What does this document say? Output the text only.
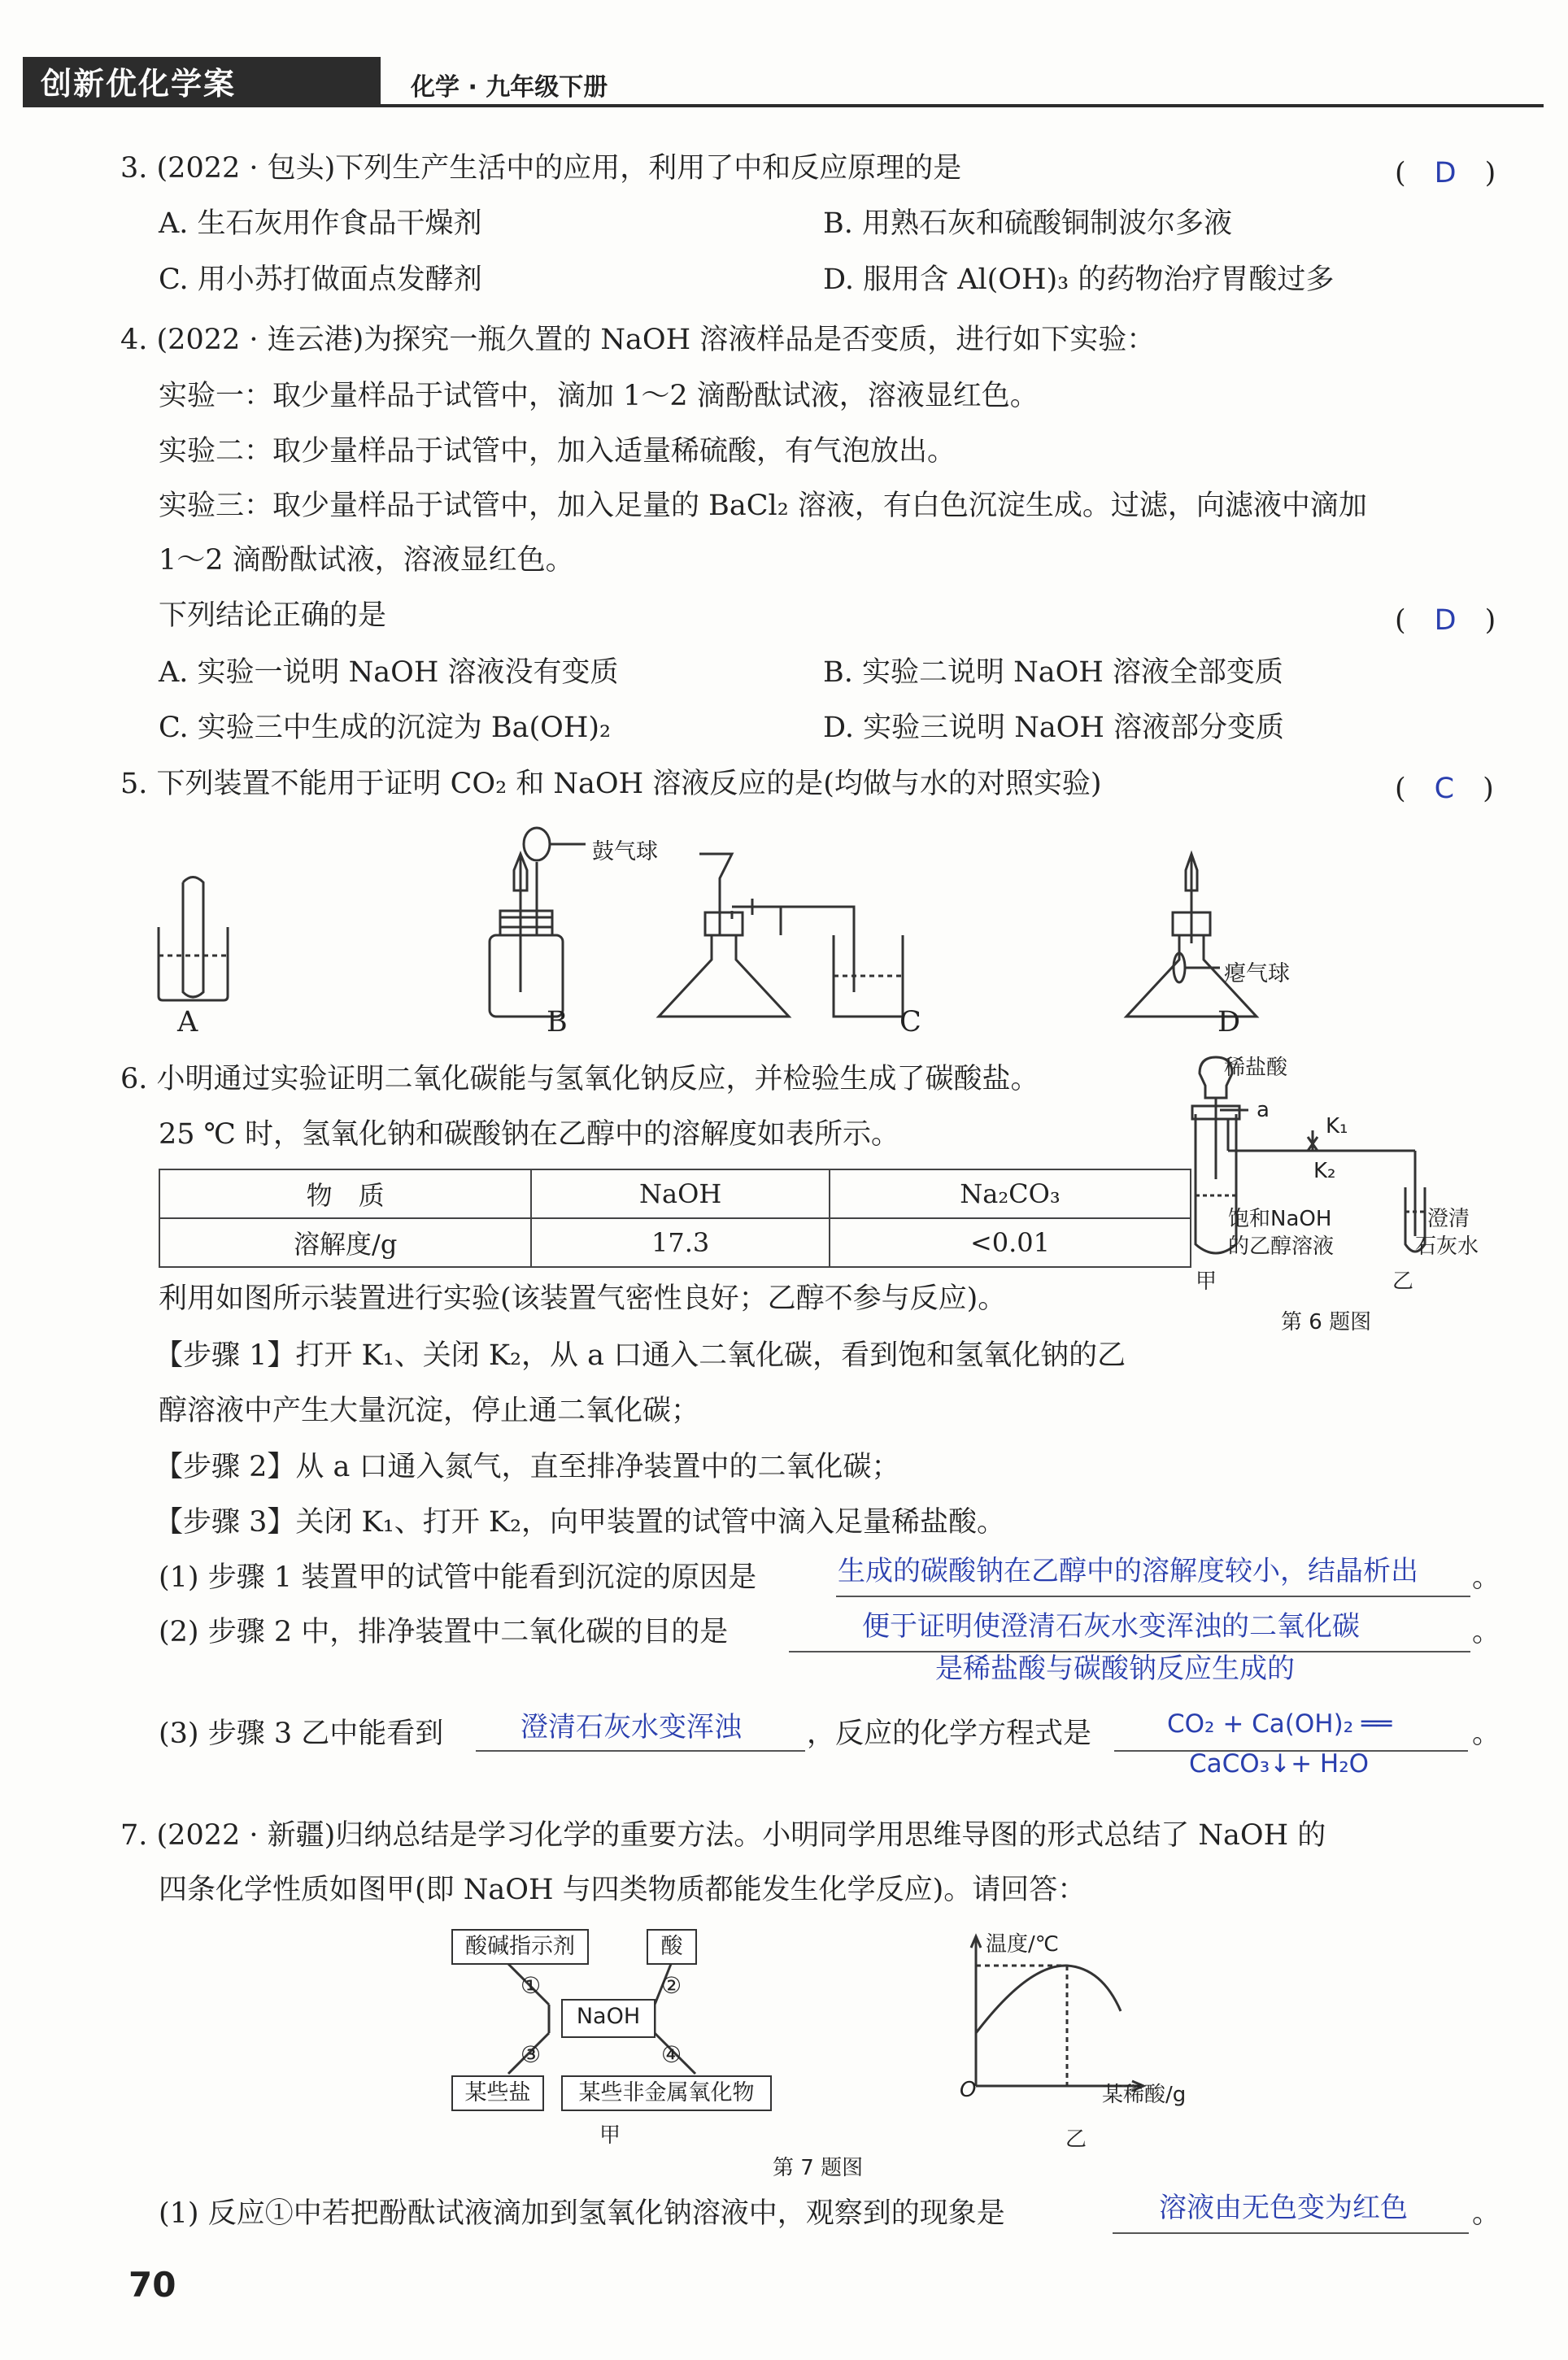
创新优化学案	化学 · 九年级下册
3. (2022 · 包头)下列生产生活中的应用，利用了中和反应原理的是	(　D　)
A. 生石灰用作食品干燥剂	B. 用熟石灰和硫酸铜制波尔多液
C. 用小苏打做面点发酵剂	D. 服用含 Al(OH)₃ 的药物治疗胃酸过多
4. (2022 · 连云港)为探究一瓶久置的 NaOH 溶液样品是否变质，进行如下实验：
实验一：取少量样品于试管中，滴加 1～2 滴酚酞试液，溶液显红色。
实验二：取少量样品于试管中，加入适量稀硫酸，有气泡放出。
实验三：取少量样品于试管中，加入足量的 BaCl₂ 溶液，有白色沉淀生成。过滤，向滤液中滴加
1～2 滴酚酞试液，溶液显红色。
下列结论正确的是	(　D　)
A. 实验一说明 NaOH 溶液没有变质	B. 实验二说明 NaOH 溶液全部变质
C. 实验三中生成的沉淀为 Ba(OH)₂	D. 实验三说明 NaOH 溶液部分变质
5. 下列装置不能用于证明 CO₂ 和 NaOH 溶液反应的是(均做与水的对照实验)	(　C　)
鼓气球
瘪气球
A	B	C	D
6. 小明通过实验证明二氧化碳能与氢氧化钠反应，并检验生成了碳酸盐。
25 ℃ 时，氢氧化钠和碳酸钠在乙醇中的溶解度如表所示。
物　质	NaOH	Na₂CO₃
溶解度/g	17.3	<0.01
稀盐酸
a
K₁
K₂
饱和NaOH
的乙醇溶液
澄清
石灰水
甲	乙
第 6 题图
利用如图所示装置进行实验(该装置气密性良好；乙醇不参与反应)。
【步骤 1】打开 K₁、关闭 K₂，从 a 口通入二氧化碳，看到饱和氢氧化钠的乙
醇溶液中产生大量沉淀，停止通二氧化碳；
【步骤 2】从 a 口通入氮气，直至排净装置中的二氧化碳；
【步骤 3】关闭 K₁、打开 K₂，向甲装置的试管中滴入足量稀盐酸。
(1) 步骤 1 装置甲的试管中能看到沉淀的原因是	生成的碳酸钠在乙醇中的溶解度较小，结晶析出 。
(2) 步骤 2 中，排净装置中二氧化碳的目的是	便于证明使澄清石灰水变浑浊的二氧化碳
是稀盐酸与碳酸钠反应生成的
。
(3) 步骤 3 乙中能看到	澄清石灰水变浑浊 ，反应的化学方程式是	CO₂ + Ca(OH)₂ ══
CaCO₃↓+ H₂O
。
7. (2022 · 新疆)归纳总结是学习化学的重要方法。小明同学用思维导图的形式总结了 NaOH 的
四条化学性质如图甲(即 NaOH 与四类物质都能发生化学反应)。请回答：
酸碱指示剂	酸
NaOH
某些盐	某些非金属氧化物
①	②
③	④
甲
温度/℃
某稀酸/g
O
乙
第 7 题图
(1) 反应①中若把酚酞试液滴加到氢氧化钠溶液中，观察到的现象是	溶液由无色变为红色 。
70
